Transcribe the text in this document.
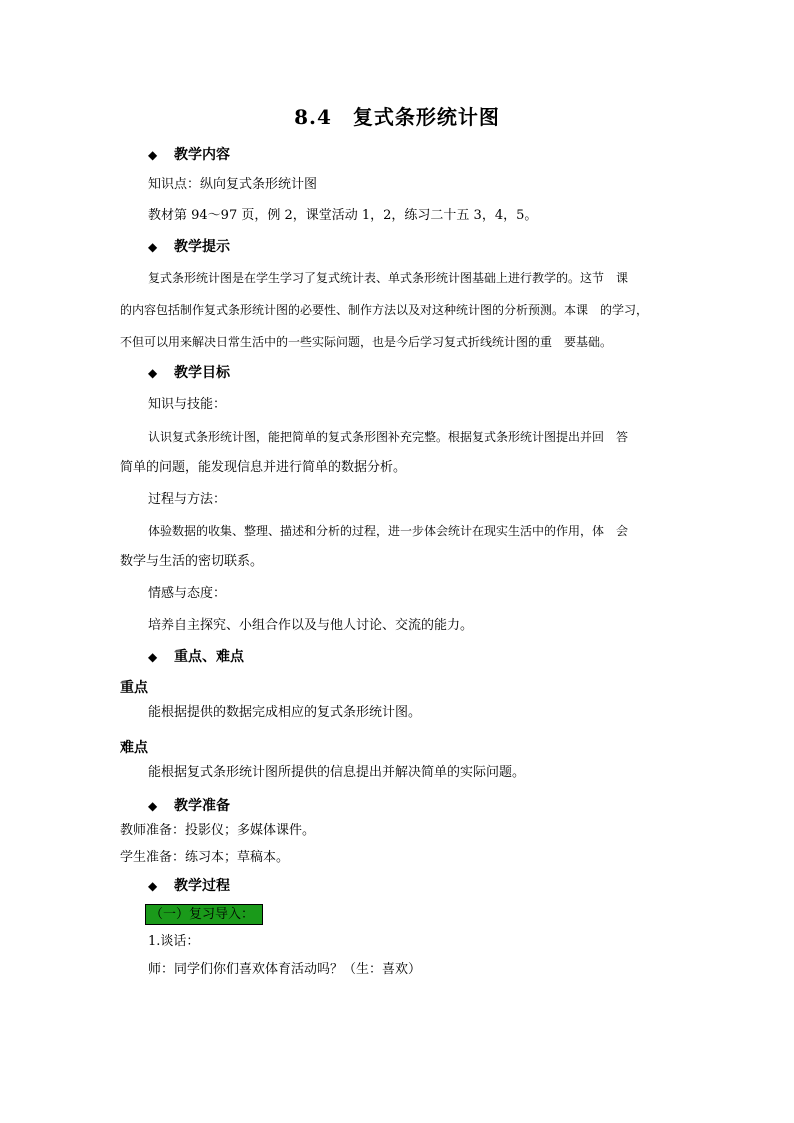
8.4　复式条形统计图
◆ 教学内容
知识点：纵向复式条形统计图
教材第 94～97 页，例 2，课堂活动 1，2，练习二十五 3，4，5。
◆ 教学提示
复式条形统计图是在学生学习了复式统计表、单式条形统计图基础上进行教学的。这节　课
的内容包括制作复式条形统计图的必要性、制作方法以及对这种统计图的分析预测。本课　的学习，
不但可以用来解决日常生活中的一些实际问题，也是今后学习复式折线统计图的重　要基础。
◆ 教学目标
知识与技能：
认识复式条形统计图，能把简单的复式条形图补充完整。根据复式条形统计图提出并回　答
简单的问题，能发现信息并进行简单的数据分析。
过程与方法：
体验数据的收集、整理、描述和分析的过程，进一步体会统计在现实生活中的作用，体　会
数学与生活的密切联系。
情感与态度：
培养自主探究、小组合作以及与他人讨论、交流的能力。
◆ 重点、难点
重点
能根据提供的数据完成相应的复式条形统计图。
难点
能根据复式条形统计图所提供的信息提出并解决简单的实际问题。
◆ 教学准备
教师准备：投影仪；多媒体课件。
学生准备：练习本；草稿本。
◆ 教学过程
（一）复习导入：
1.谈话：
师：同学们你们喜欢体育活动吗？（生：喜欢）
